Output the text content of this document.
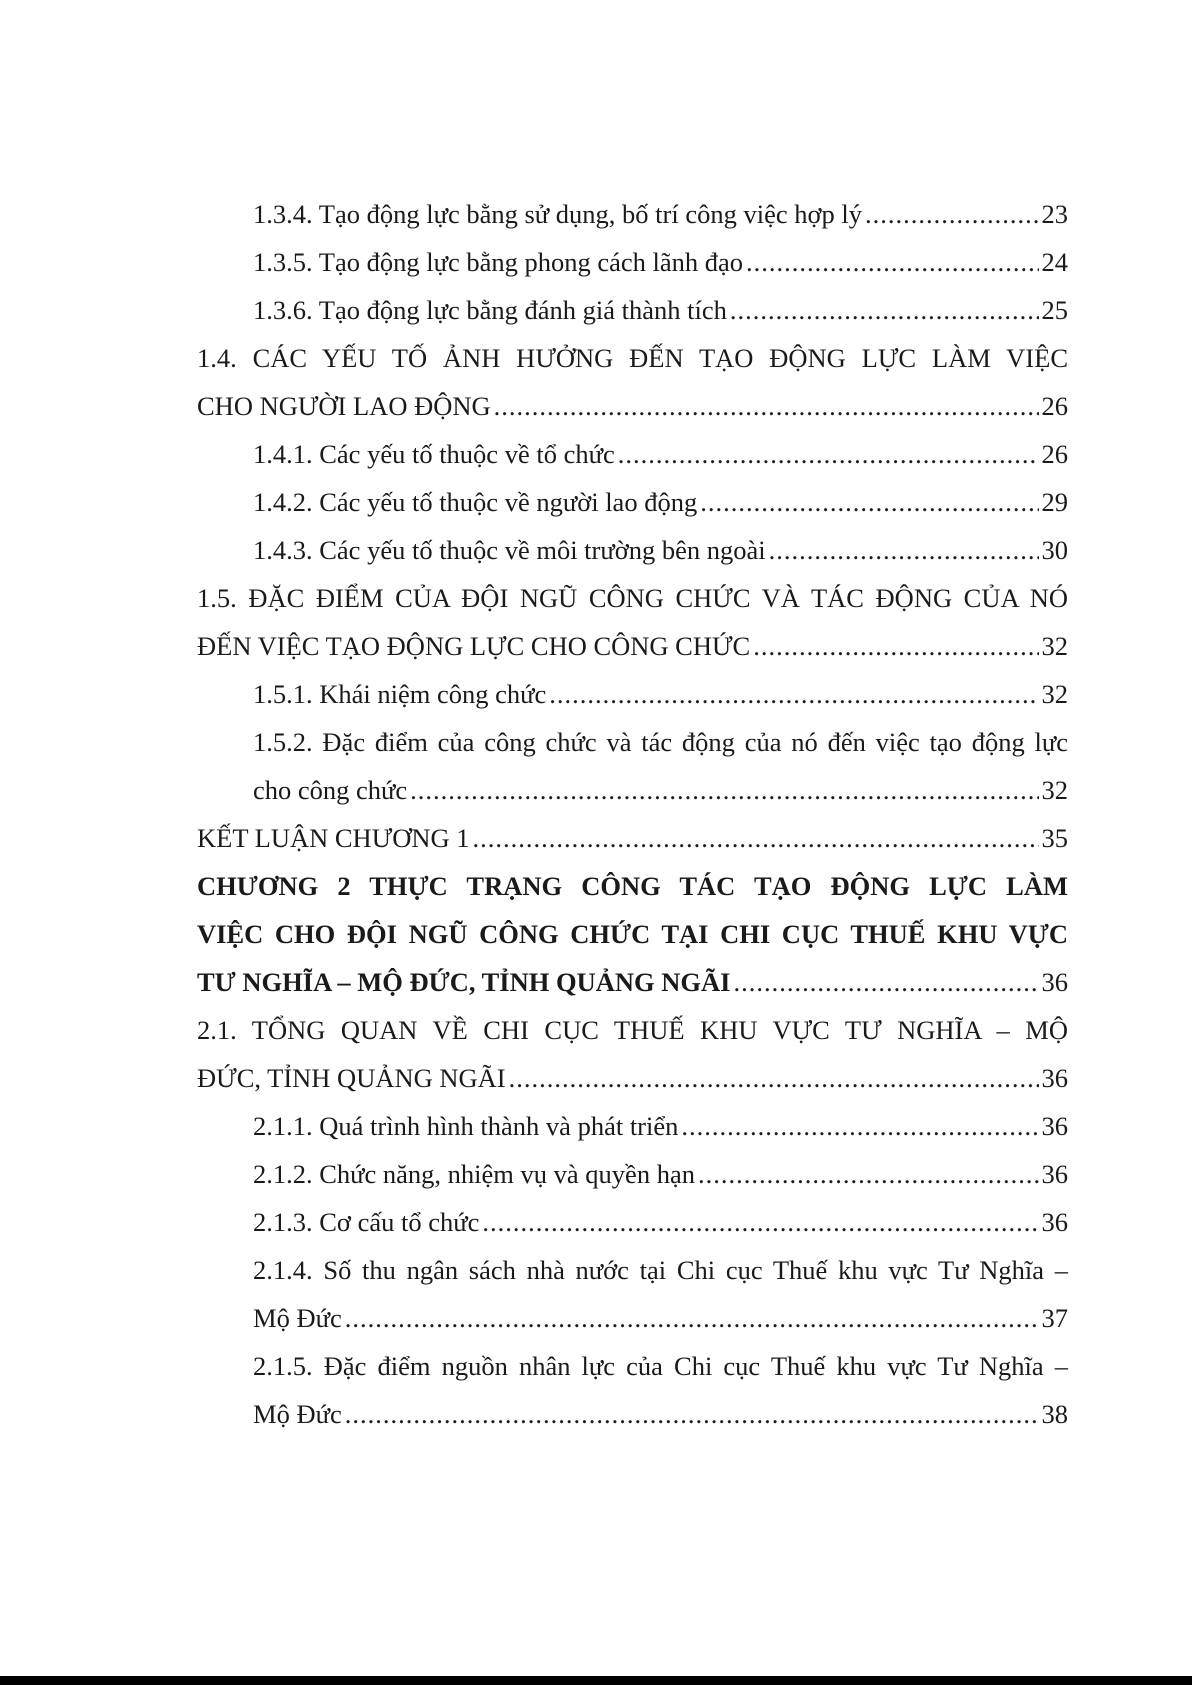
1.3.4. Tạo động lực bằng sử dụng, bố trí công việc hợp lý .....	23
1.3.5. Tạo động lực bằng phong cách lãnh đạo .....	24
1.3.6. Tạo động lực bằng đánh giá thành tích .....	25
1.4. CÁC YẾU TỐ ẢNH HƯỞNG ĐẾN TẠO ĐỘNG LỰC LÀM VIỆC
CHO NGƯỜI LAO ĐỘNG .....	26
1.4.1. Các yếu tố thuộc về tổ chức .....	26
1.4.2. Các yếu tố thuộc về người lao động .....	29
1.4.3. Các yếu tố thuộc về môi trường bên ngoài .....	30
1.5. ĐẶC ĐIỂM CỦA ĐỘI NGŨ CÔNG CHỨC VÀ TÁC ĐỘNG CỦA NÓ
ĐẾN VIỆC TẠO ĐỘNG LỰC CHO CÔNG CHỨC .....	32
1.5.1. Khái niệm công chức .....	32
1.5.2. Đặc điểm của công chức và tác động của nó đến việc tạo động lực
cho công chức .....	32
KẾT LUẬN CHƯƠNG 1 .....	35
CHƯƠNG 2 THỰC TRẠNG CÔNG TÁC TẠO ĐỘNG LỰC LÀM
VIỆC CHO ĐỘI NGŨ CÔNG CHỨC TẠI CHI CỤC THUẾ KHU VỰC
TƯ NGHĨA – MỘ ĐỨC, TỈNH QUẢNG NGÃI .....	36
2.1. TỔNG QUAN VỀ CHI CỤC THUẾ KHU VỰC TƯ NGHĨA – MỘ
ĐỨC, TỈNH QUẢNG NGÃI .....	36
2.1.1. Quá trình hình thành và phát triển .....	36
2.1.2. Chức năng, nhiệm vụ và quyền hạn .....	36
2.1.3. Cơ cấu tổ chức .....	36
2.1.4. Số thu ngân sách nhà nước tại Chi cục Thuế khu vực Tư Nghĩa –
Mộ Đức .....	37
2.1.5. Đặc điểm nguồn nhân lực của Chi cục Thuế khu vực Tư Nghĩa –
Mộ Đức .....	38
